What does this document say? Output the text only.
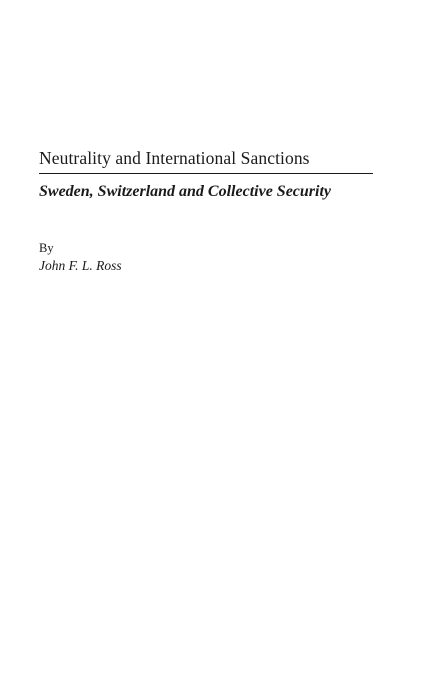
Neutrality and International Sanctions
Sweden, Switzerland and Collective Security

By

John F. L. Ross
